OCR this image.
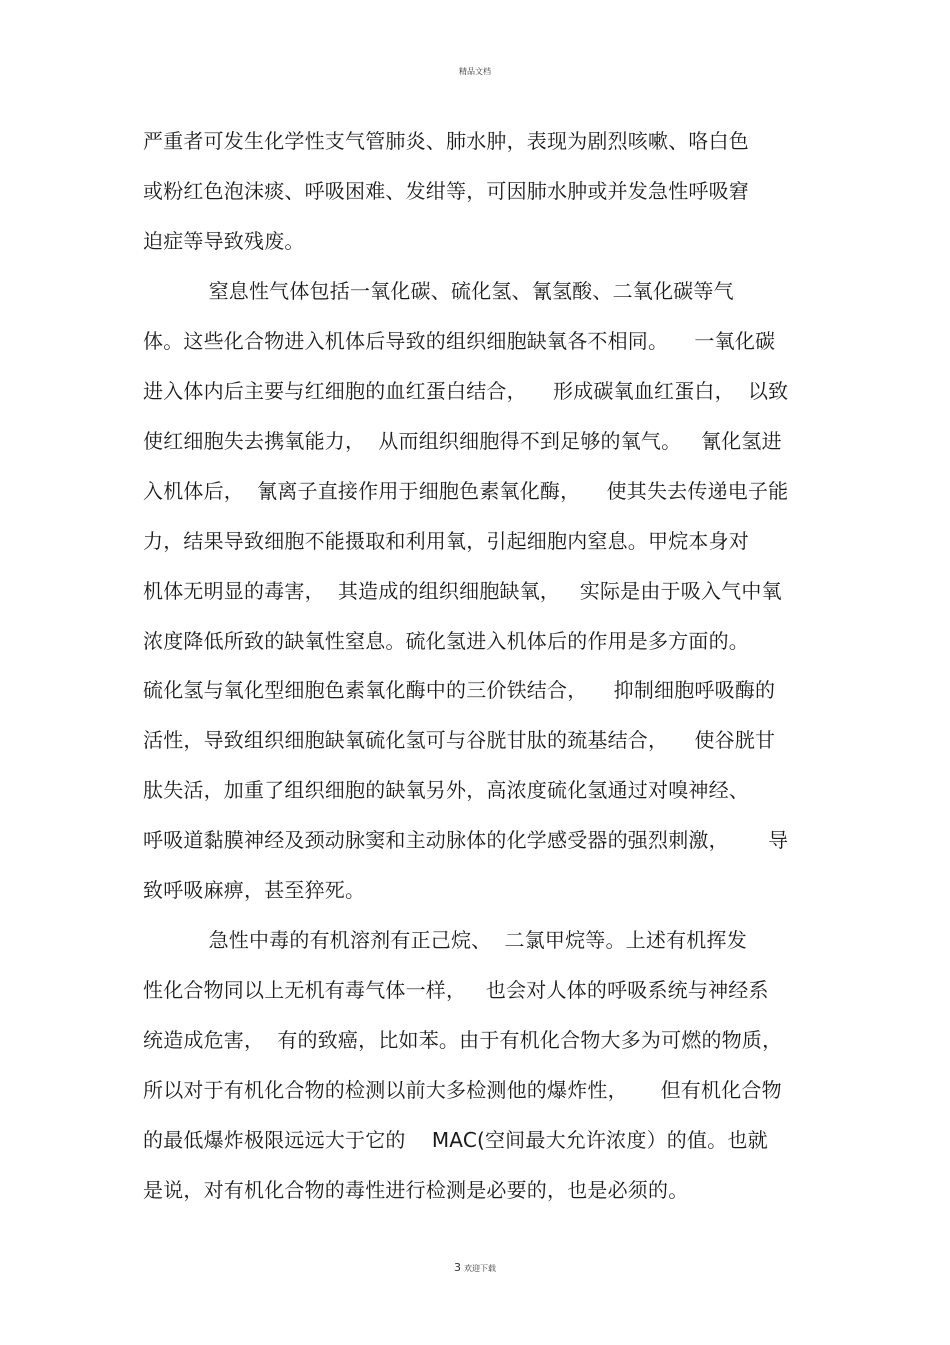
精品文档
严重者可发生化学性支气管肺炎、肺水肿，表现为剧烈咳嗽、咯白色
或粉红色泡沫痰、呼吸困难、发绀等，可因肺水肿或并发急性呼吸窘
迫症等导致残废。
窒息性气体包括一氧化碳、硫化氢、氰氢酸、二氧化碳等气
体。这些化合物进入机体后导致的组织细胞缺氧各不相同。    一氧化碳
进入体内后主要与红细胞的血红蛋白结合，    形成碳氧血红蛋白，  以致
使红细胞失去携氧能力，  从而组织细胞得不到足够的氧气。   氰化氢进
入机体后，  氰离子直接作用于细胞色素氧化酶，    使其失去传递电子能
力，结果导致细胞不能摄取和利用氧，引起细胞内窒息。甲烷本身对
机体无明显的毒害，  其造成的组织细胞缺氧，   实际是由于吸入气中氧
浓度降低所致的缺氧性窒息。硫化氢进入机体后的作用是多方面的。
硫化氢与氧化型细胞色素氧化酶中的三价铁结合，    抑制细胞呼吸酶的
活性，导致组织细胞缺氧硫化氢可与谷胱甘肽的巯基结合，    使谷胱甘
肽失活，加重了组织细胞的缺氧另外，高浓度硫化氢通过对嗅神经、
呼吸道黏膜神经及颈动脉窦和主动脉体的化学感受器的强烈刺激，      导
致呼吸麻痹，甚至猝死。
急性中毒的有机溶剂有正己烷、  二氯甲烷等。上述有机挥发
性化合物同以上无机有毒气体一样，   也会对人体的呼吸系统与神经系
统造成危害，  有的致癌，比如苯。由于有机化合物大多为可燃的物质，
所以对于有机化合物的检测以前大多检测他的爆炸性，     但有机化合物
的最低爆炸极限远远大于它的    MAC(空间最大允许浓度）的值。也就
是说，对有机化合物的毒性进行检测是必要的，也是必须的。
3 欢迎下载
